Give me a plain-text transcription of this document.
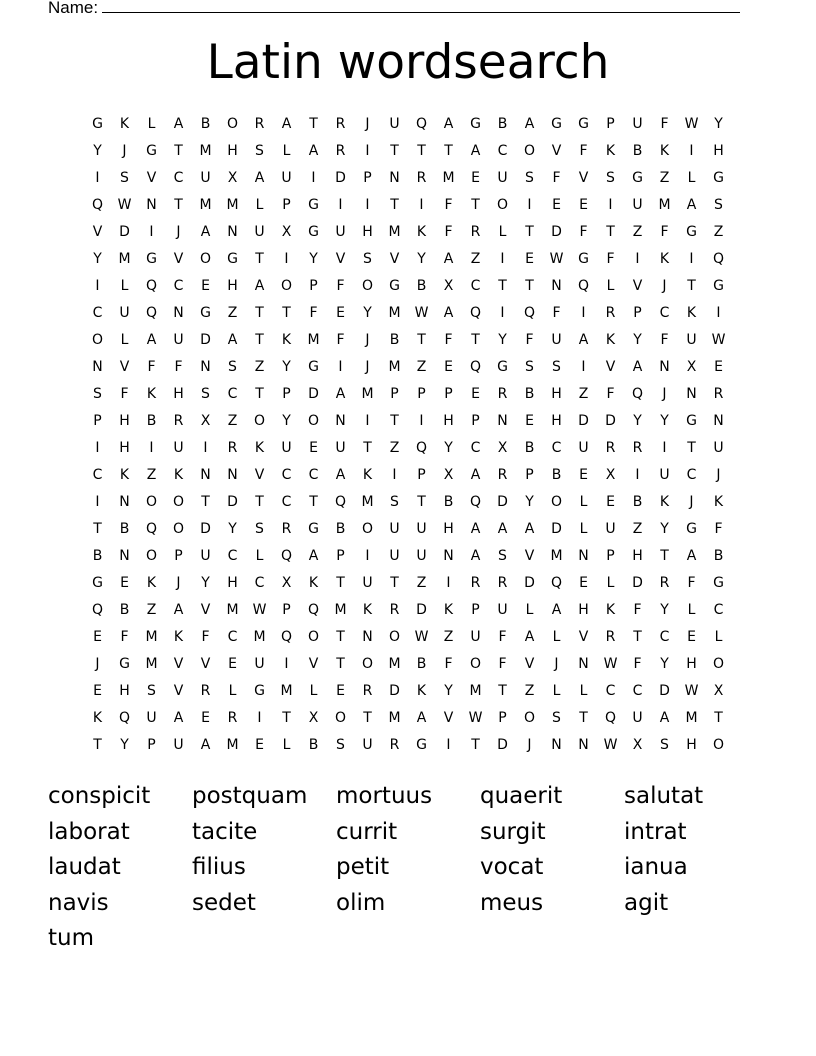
Name:
Latin wordsearch
G	K	L	A	B	O	R	A	T	R	J	U	Q	A	G	B	A	G	G	P	U	F	W	Y
Y	J	G	T	M	H	S	L	A	R	I	T	T	T	A	C	O	V	F	K	B	K	I	H
I	S	V	C	U	X	A	U	I	D	P	N	R	M	E	U	S	F	V	S	G	Z	L	G
Q	W	N	T	M	M	L	P	G	I	I	T	I	F	T	O	I	E	E	I	U	M	A	S
V	D	I	J	A	N	U	X	G	U	H	M	K	F	R	L	T	D	F	T	Z	F	G	Z
Y	M	G	V	O	G	T	I	Y	V	S	V	Y	A	Z	I	E	W	G	F	I	K	I	Q
I	L	Q	C	E	H	A	O	P	F	O	G	B	X	C	T	T	N	Q	L	V	J	T	G
C	U	Q	N	G	Z	T	T	F	E	Y	M	W	A	Q	I	Q	F	I	R	P	C	K	I
O	L	A	U	D	A	T	K	M	F	J	B	T	F	T	Y	F	U	A	K	Y	F	U	W
N	V	F	F	N	S	Z	Y	G	I	J	M	Z	E	Q	G	S	S	I	V	A	N	X	E
S	F	K	H	S	C	T	P	D	A	M	P	P	P	E	R	B	H	Z	F	Q	J	N	R
P	H	B	R	X	Z	O	Y	O	N	I	T	I	H	P	N	E	H	D	D	Y	Y	G	N
I	H	I	U	I	R	K	U	E	U	T	Z	Q	Y	C	X	B	C	U	R	R	I	T	U
C	K	Z	K	N	N	V	C	C	A	K	I	P	X	A	R	P	B	E	X	I	U	C	J
I	N	O	O	T	D	T	C	T	Q	M	S	T	B	Q	D	Y	O	L	E	B	K	J	K
T	B	Q	O	D	Y	S	R	G	B	O	U	U	H	A	A	A	D	L	U	Z	Y	G	F
B	N	O	P	U	C	L	Q	A	P	I	U	U	N	A	S	V	M	N	P	H	T	A	B
G	E	K	J	Y	H	C	X	K	T	U	T	Z	I	R	R	D	Q	E	L	D	R	F	G
Q	B	Z	A	V	M	W	P	Q	M	K	R	D	K	P	U	L	A	H	K	F	Y	L	C
E	F	M	K	F	C	M	Q	O	T	N	O	W	Z	U	F	A	L	V	R	T	C	E	L
J	G	M	V	V	E	U	I	V	T	O	M	B	F	O	F	V	J	N	W	F	Y	H	O
E	H	S	V	R	L	G	M	L	E	R	D	K	Y	M	T	Z	L	L	C	C	D	W	X
K	Q	U	A	E	R	I	T	X	O	T	M	A	V	W	P	O	S	T	Q	U	A	M	T
T	Y	P	U	A	M	E	L	B	S	U	R	G	I	T	D	J	N	N	W	X	S	H	O
conspicit	postquam	mortuus	quaerit	salutat
laborat	tacite	currit	surgit	intrat
laudat	filius	petit	vocat	ianua
navis	sedet	olim	meus	agit
tum
